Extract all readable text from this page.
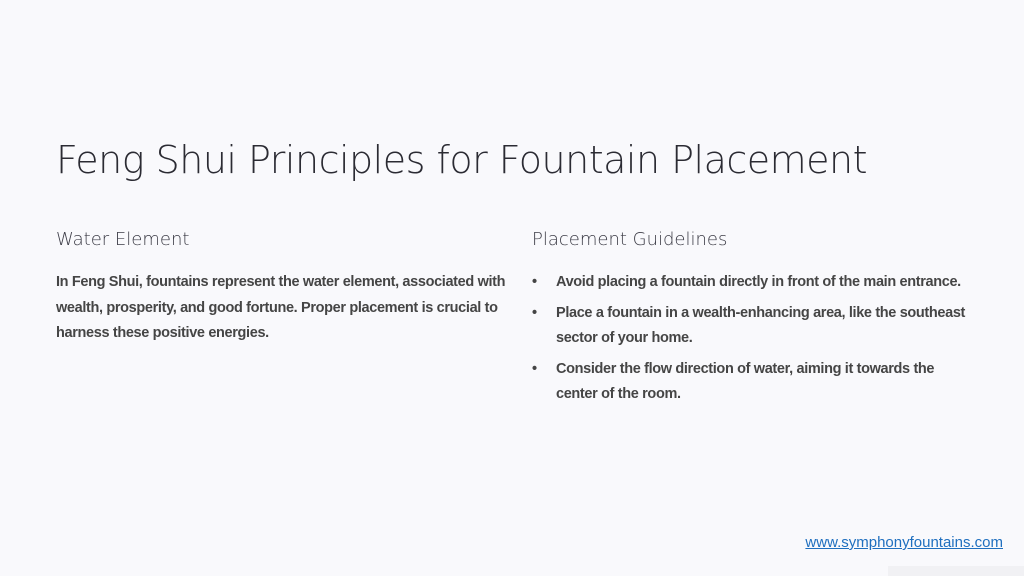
Feng Shui Principles for Fountain Placement
Water Element

In Feng Shui, fountains represent the water element, associated with wealth, prosperity, and good fortune. Proper placement is crucial to harness these positive energies.

Placement Guidelines
•	Avoid placing a fountain directly in front of the main entrance.
•	Place a fountain in a wealth-enhancing area, like the southeast sector of your home.
•	Consider the flow direction of water, aiming it towards the center of the room.
www.symphonyfountains.com
